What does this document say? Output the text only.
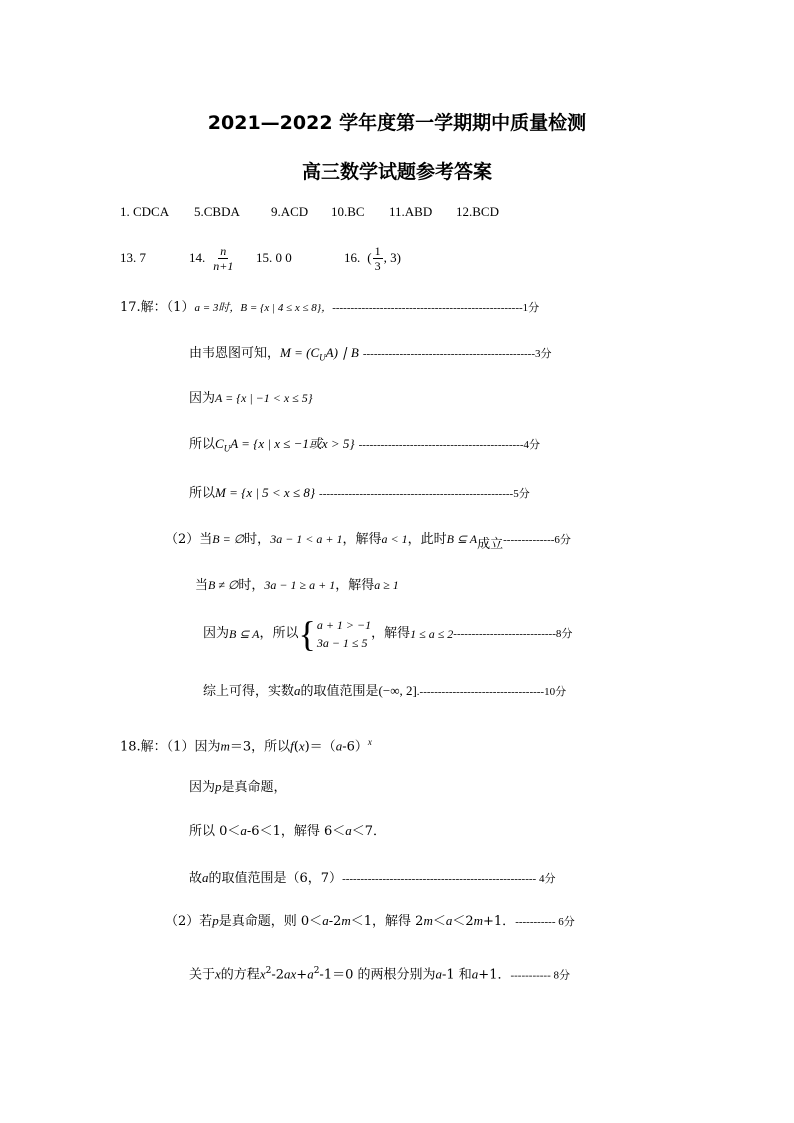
2021—2022 学年度第一学期期中质量检测
高三数学试题参考答案
1. CDCA 5.CBDA 9.ACD 10.BC 11.ABD 12.BCD
13. 7	14. $\frac{n}{n+1} 15$. 0 0	16. ( $\frac{1}{3}$ , 3)
17.解：（1）a = 3时，B = {x | 4 ≤ x ≤ 8}，----------------------------------------------------1分
由韦恩图可知，$M = (C_UA)$ ∣ B -----------------------------------------------3分
因为A = {x | −1 < x ≤ 5}
所以$C_UA = \{x$ | x ≤ −1或x > 5} ---------------------------------------------4分
所以M = {x | 5 < x ≤ 8} -----------------------------------------------------5分
（2）当B = ∅时，3a − 1 < a + 1，解得a < 1，此时B ⊆ A成立--------------6分
当B ≠ ∅时，3a − 1 ≥ a + 1，解得a ≥ 1
因为 B ⊆ A ，所以 { a + 1 > −1
3a − 1 ≤ 5
，解得 1 ≤ a ≤ 2 ----------------------------8分
综上可得，实数a的取值范围是(−∞, 2].----------------------------------10分
18.解：（1）因为m＝3，所以$f(x)=(a-6)^x$
因为p是真命题，
所以 0＜a-6＜1，解得 6＜a＜7．
故a的取值范围是（6，7）----------------------------------------------------- 4分
（2）若p是真命题，则 0＜a-2m＜1，解得 2m＜a＜2m+1．----------- 6分
关于x的方程$x^2-2ax+a^2-1=0$ 的两根分别为a-1 和a+1．----------- 8分
